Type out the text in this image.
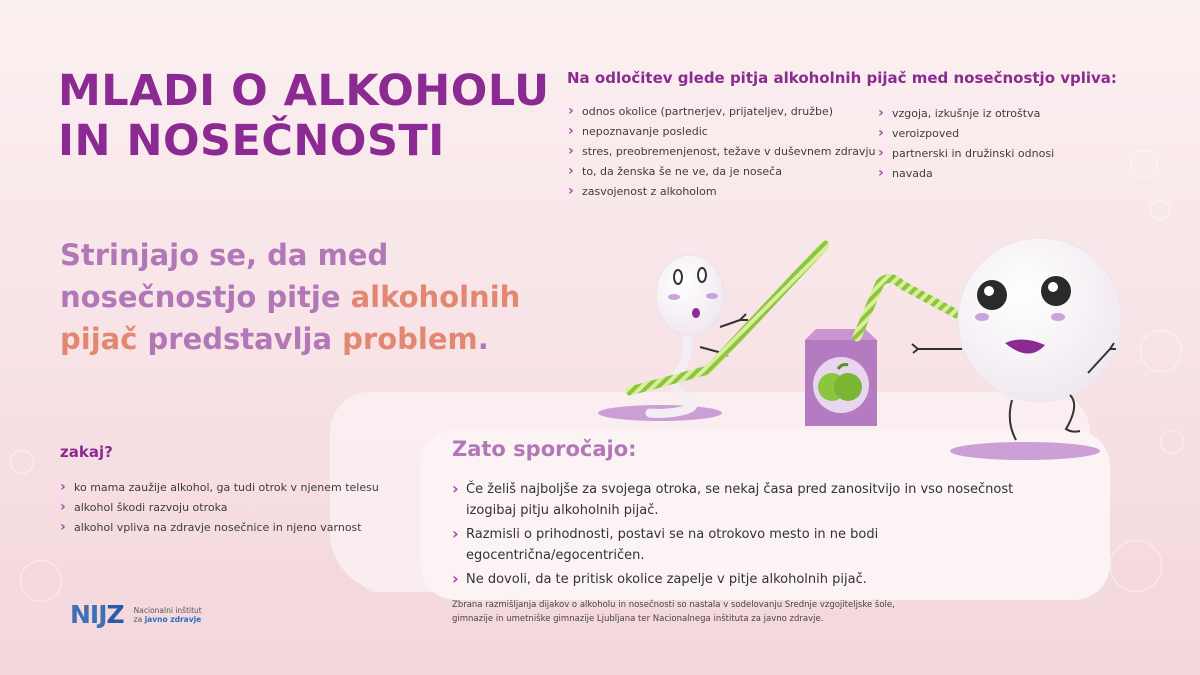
MLADI O ALKOHOLU
IN NOSEČNOSTI

Strinjajo se, da med nosečnostjo pitje alkoholnih pijač predstavlja problem.

Na odločitev glede pitja alkoholnih pijač med nosečnostjo vpliva:
› odnos okolice (partnerjev, prijateljev, družbe)
› nepoznavanje posledic
› stres, preobremenjenost, težave v duševnem zdravju
› to, da ženska še ne ve, da je noseča
› zasvojenost z alkoholom
› vzgoja, izkušnje iz otroštva
› veroizpoved
› partnerski in družinski odnosi
› navada
zakaj?
› ko mama zaužije alkohol, ga tudi otrok v njenem telesu
› alkohol škodi razvoju otroka
› alkohol vpliva na zdravje nosečnice in njeno varnost
Zato sporočajo:
› Če želiš najboljše za svojega otroka, se nekaj časa pred zanositvijo in vso nosečnost izogibaj pitju alkoholnih pijač.
› Razmisli o prihodnosti, postavi se na otrokovo mesto in ne bodi egocentrična/egocentričen.
› Ne dovoli, da te pritisk okolice zapelje v pitje alkoholnih pijač.
NIJZ Nacionalni inštitut
za javno zdravje

Zbrana razmišljanja dijakov o alkoholu in nosečnosti so nastala v sodelovanju Srednje vzgojiteljske šole, gimnazije in umetniške gimnazije Ljubljana ter Nacionalnega inštituta za javno zdravje.
